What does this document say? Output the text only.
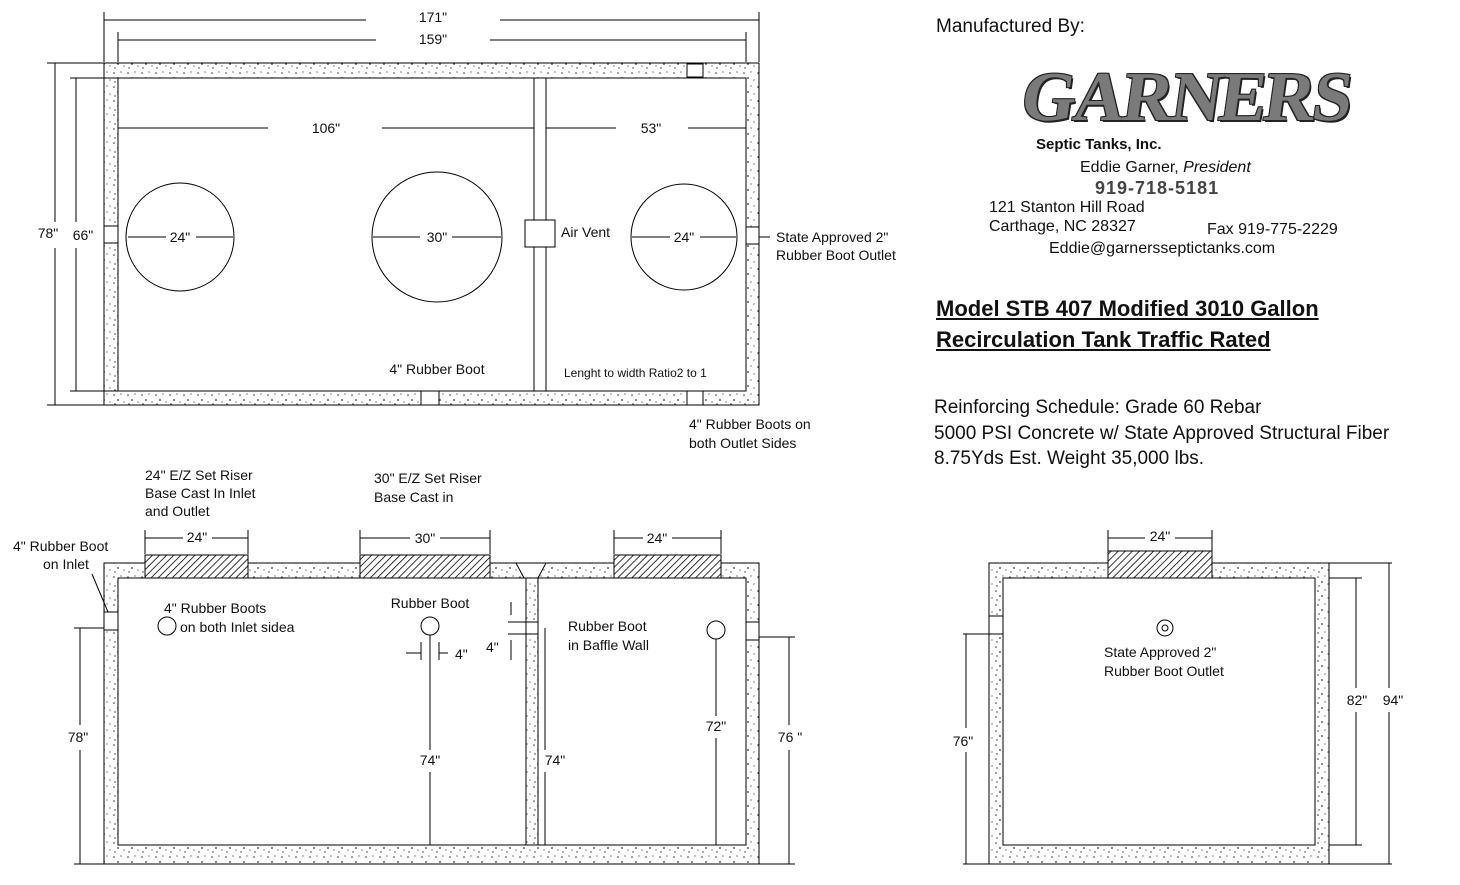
171"
159"
78" 66"
106"	53"
24"	30"	24"
Air Vent	State Approved 2"
Rubber Boot Outlet
4" Rubber Boot	Lenght to width Ratio2 to 1
4" Rubber Boots on
both Outlet Sides
24" E/Z Set Riser
Base Cast In Inlet
and Outlet
30" E/Z Set Riser
Base Cast in
24"	30"	24"
4" Rubber Boot
on Inlet
4" Rubber Boots
on both Inlet sidea
Rubber Boot
4"
74"
4"
74"
Rubber Boot
in Baffle Wall
72"
78"	76 "
24"
State Approved 2"
Rubber Boot Outlet
76"
82" 94"
Manufactured By:
GARNERS
Septic Tanks, Inc.
Eddie Garner, President
919-718-5181
121 Stanton Hill Road
Carthage, NC 28327	Fax 919-775-2229
Eddie@garnersseptictanks.com
Model STB 407 Modified 3010 Gallon
Recirculation Tank Traffic Rated
Reinforcing Schedule: Grade 60 Rebar
5000 PSI Concrete w/ State Approved Structural Fiber
8.75Yds Est. Weight 35,000 lbs.
